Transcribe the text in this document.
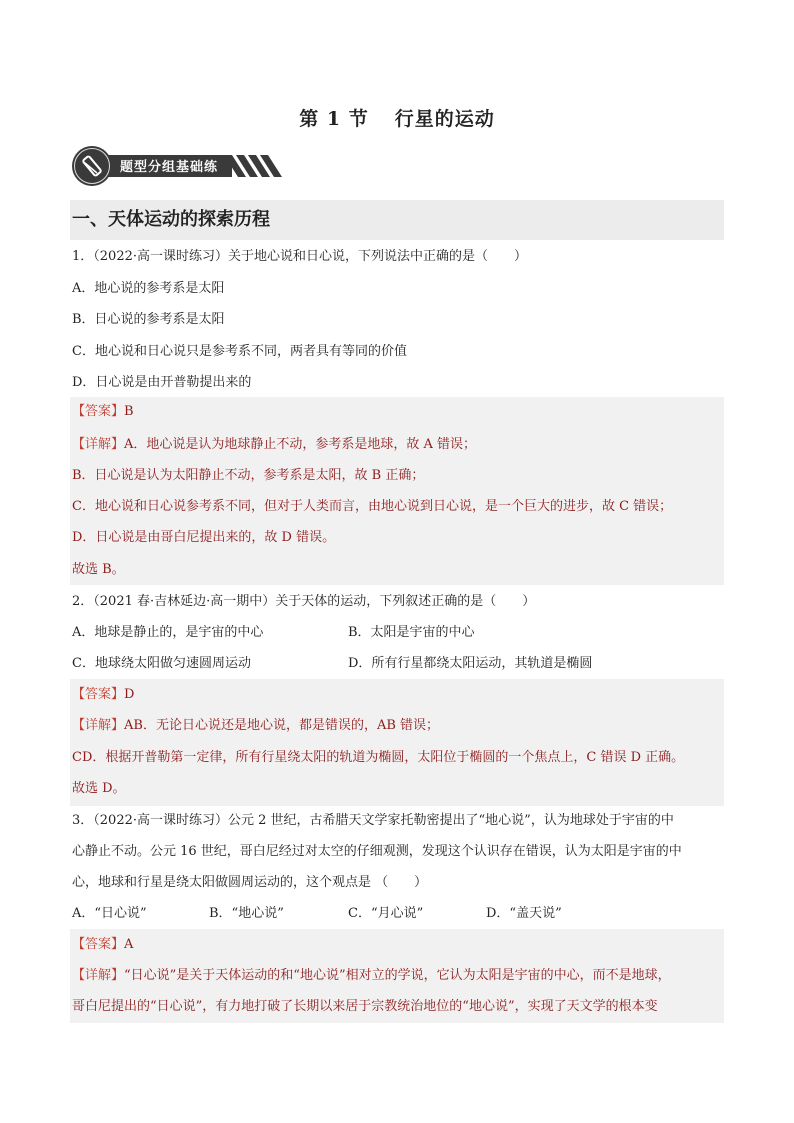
第 1 节 行星的运动
题型分组基础练
一、天体运动的探索历程
1．（2022·高一课时练习）关于地心说和日心说，下列说法中正确的是（　　）
A．地心说的参考系是太阳
B．日心说的参考系是太阳
C．地心说和日心说只是参考系不同，两者具有等同的价值
D．日心说是由开普勒提出来的
【答案】B
【详解】A．地心说是认为地球静止不动，参考系是地球，故 A 错误；
B．日心说是认为太阳静止不动，参考系是太阳，故 B 正确；
C．地心说和日心说参考系不同，但对于人类而言，由地心说到日心说，是一个巨大的进步，故 C 错误；
D．日心说是由哥白尼提出来的，故 D 错误。
故选 B。
2．（2021 春·吉林延边·高一期中）关于天体的运动，下列叙述正确的是（　　）
A．地球是静止的，是宇宙的中心	B．太阳是宇宙的中心
C．地球绕太阳做匀速圆周运动	D．所有行星都绕太阳运动，其轨道是椭圆
【答案】D
【详解】AB．无论日心说还是地心说，都是错误的，AB 错误；
CD．根据开普勒第一定律，所有行星绕太阳的轨道为椭圆，太阳位于椭圆的一个焦点上，C 错误 D 正确。
故选 D。
3．（2022·高一课时练习）公元 2 世纪，古希腊天文学家托勒密提出了“地心说”，认为地球处于宇宙的中
心静止不动。公元 16 世纪，哥白尼经过对太空的仔细观测，发现这个认识存在错误，认为太阳是宇宙的中
心，地球和行星是绕太阳做圆周运动的，这个观点是 （　　）
A．“日心说”	B．“地心说”	C．“月心说”	D．“盖天说”
【答案】A
【详解】“日心说”是关于天体运动的和“地心说”相对立的学说，它认为太阳是宇宙的中心，而不是地球，
哥白尼提出的“日心说”，有力地打破了长期以来居于宗教统治地位的“地心说”，实现了天文学的根本变
